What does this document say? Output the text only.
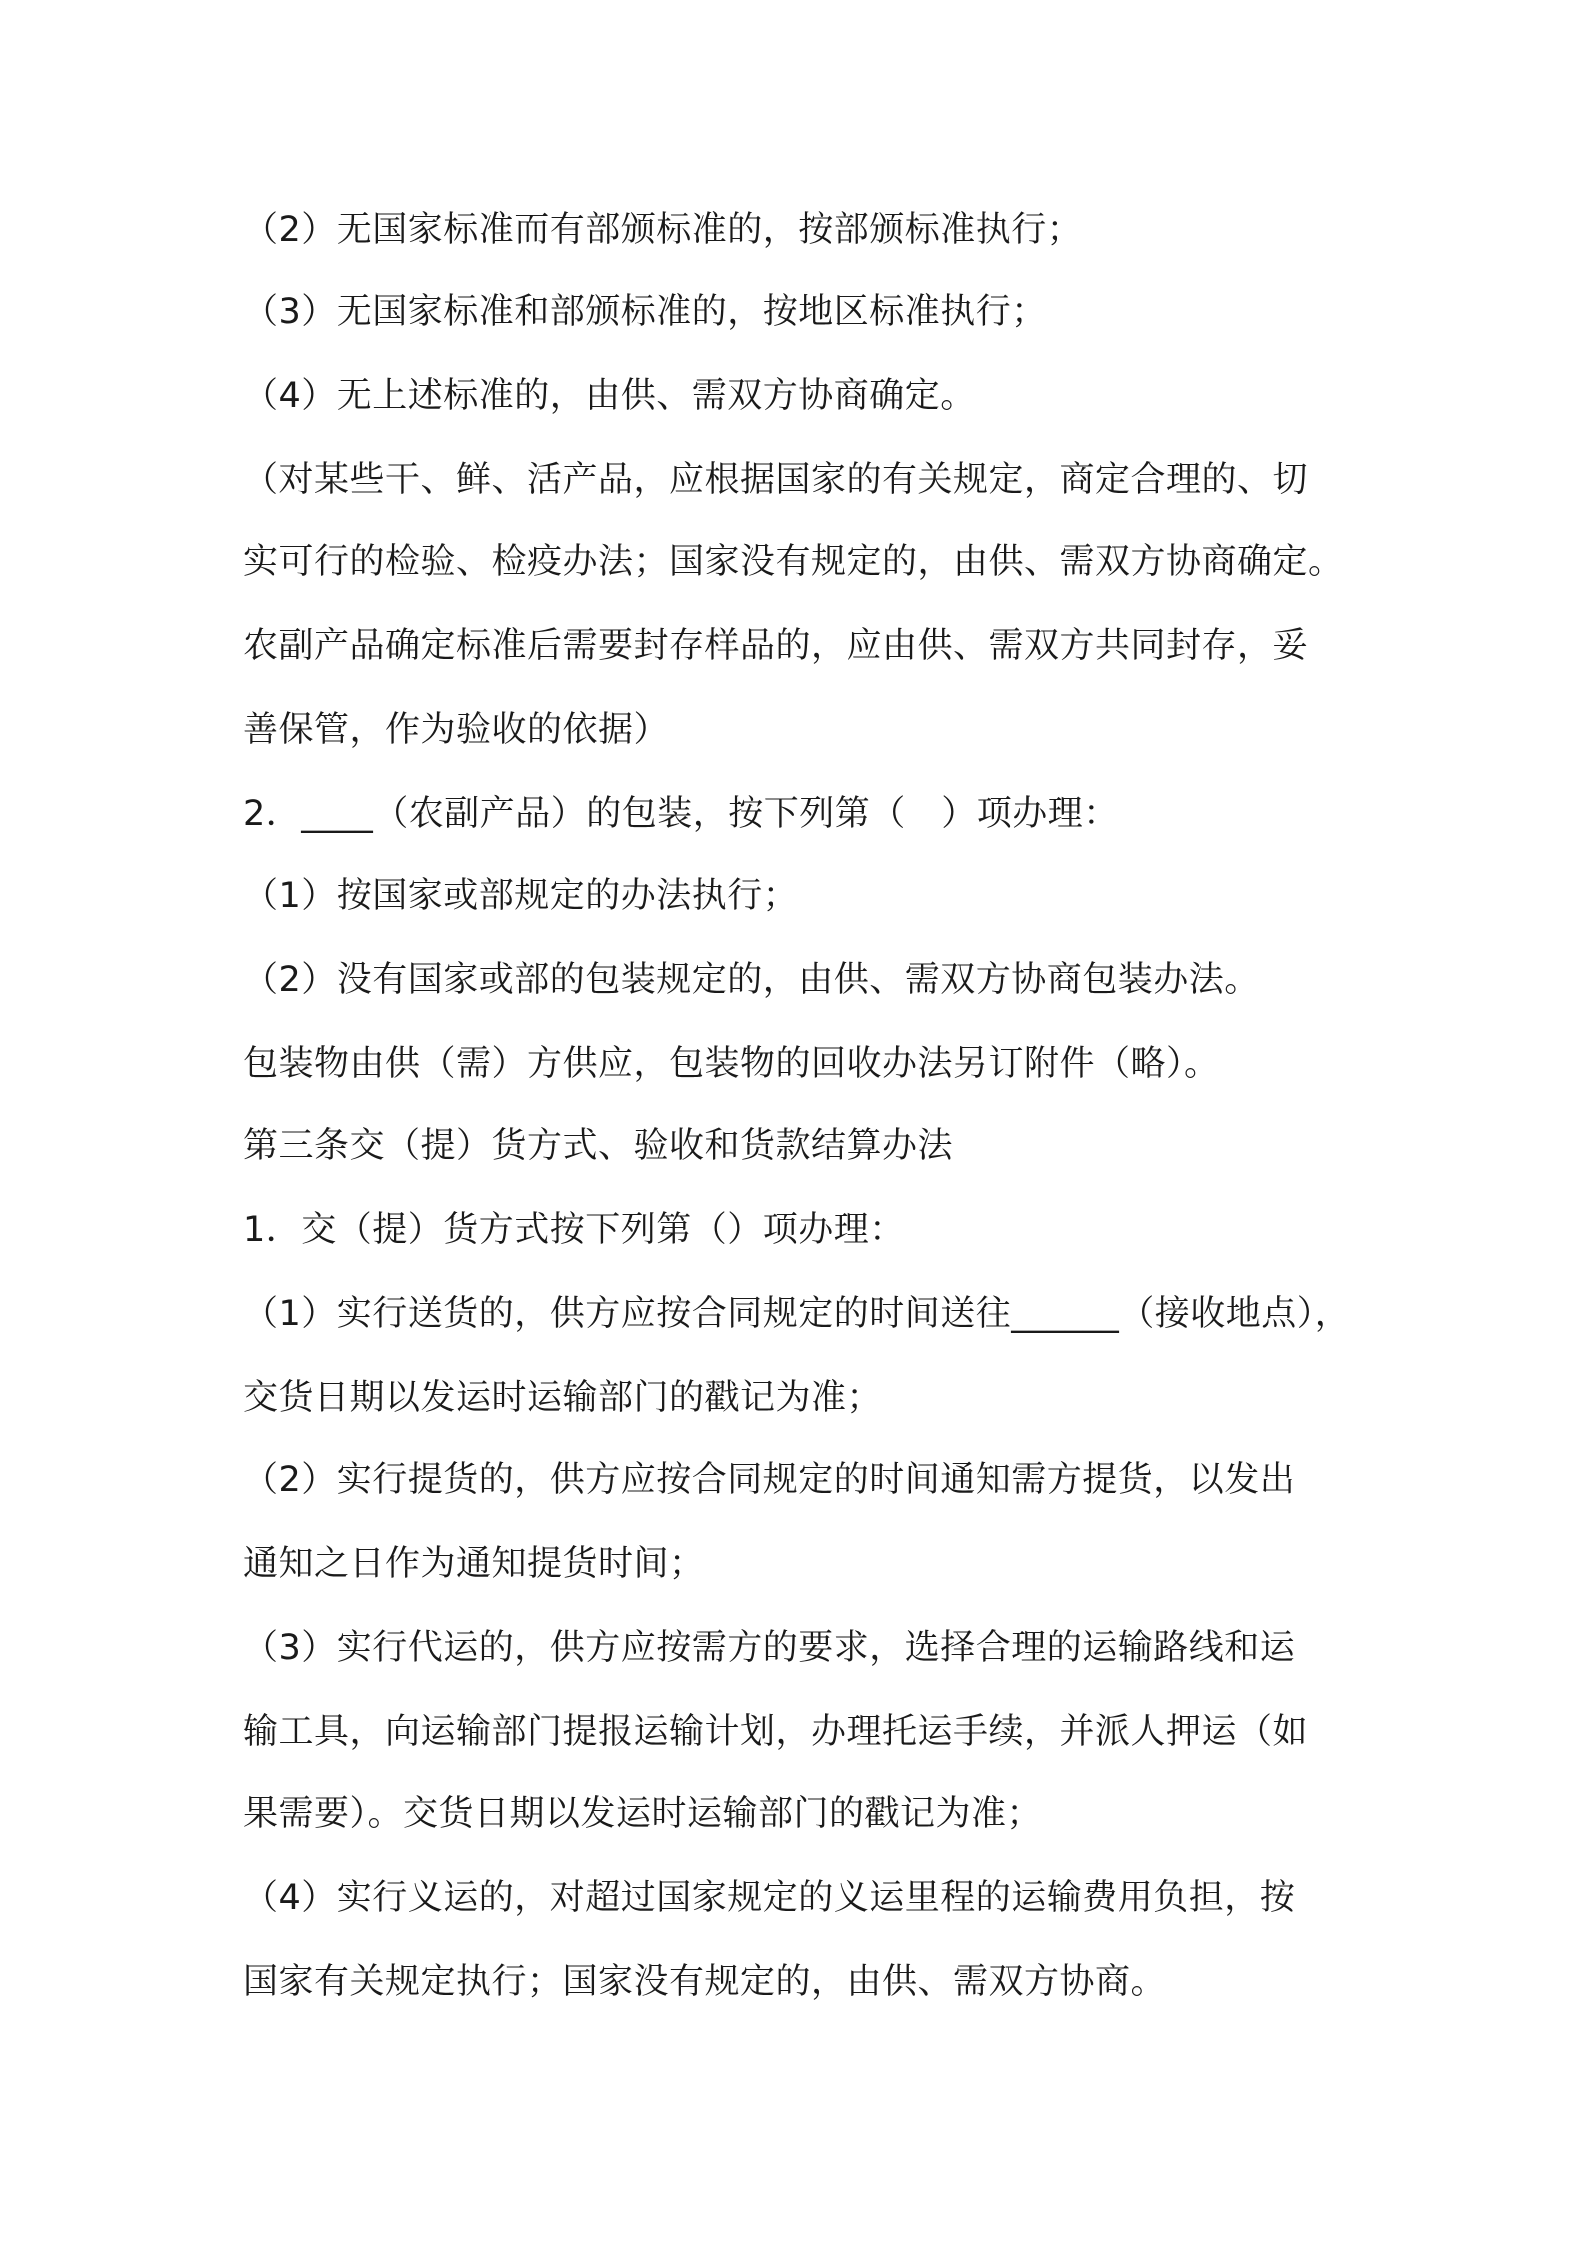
（2）无国家标准而有部颁标准的，按部颁标准执行；
（3）无国家标准和部颁标准的，按地区标准执行；
（4）无上述标准的，由供、需双方协商确定。
（对某些干、鲜、活产品，应根据国家的有关规定，商定合理的、切
实可行的检验、检疫办法；国家没有规定的，由供、需双方协商确定。
农副产品确定标准后需要封存样品的，应由供、需双方共同封存，妥
善保管，作为验收的依据）
2．____（农副产品）的包装，按下列第（　）项办理：
（1）按国家或部规定的办法执行；
（2）没有国家或部的包装规定的，由供、需双方协商包装办法。
包装物由供（需）方供应，包装物的回收办法另订附件（略）。
第三条交（提）货方式、验收和货款结算办法
1．交（提）货方式按下列第（）项办理：
（1）实行送货的，供方应按合同规定的时间送往______（接收地点），
交货日期以发运时运输部门的戳记为准；
（2）实行提货的，供方应按合同规定的时间通知需方提货，以发出
通知之日作为通知提货时间；
（3）实行代运的，供方应按需方的要求，选择合理的运输路线和运
输工具，向运输部门提报运输计划，办理托运手续，并派人押运（如
果需要）。交货日期以发运时运输部门的戳记为准；
（4）实行义运的，对超过国家规定的义运里程的运输费用负担，按
国家有关规定执行；国家没有规定的，由供、需双方协商。
